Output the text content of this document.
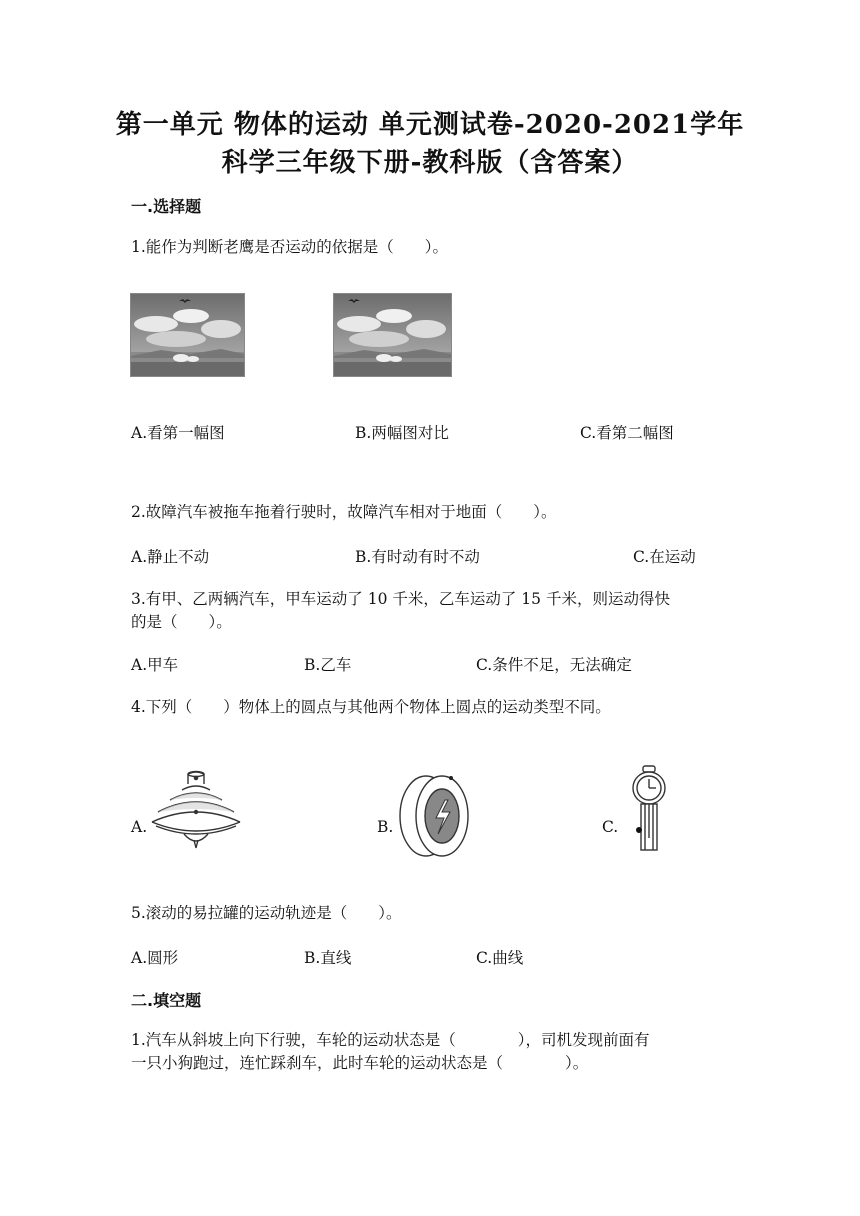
第一单元 物体的运动 单元测试卷-2020-2021学年
科学三年级下册-教科版（含答案）
一.选择题
1.能作为判断老鹰是否运动的依据是（　　）。
A.看第一幅图	B.两幅图对比	C.看第二幅图
2.故障汽车被拖车拖着行驶时，故障汽车相对于地面（　　）。
A.静止不动	B.有时动有时不动	C.在运动
3.有甲、乙两辆汽车，甲车运动了 10 千米，乙车运动了 15 千米，则运动得快
的是（　　）。
A.甲车	B.乙车	C.条件不足，无法确定
4.下列（　　）物体上的圆点与其他两个物体上圆点的运动类型不同。
A.	B.	C.
5.滚动的易拉罐的运动轨迹是（　　）。
A.圆形	B.直线	C.曲线
二.填空题
1.汽车从斜坡上向下行驶，车轮的运动状态是（　　　　），司机发现前面有
一只小狗跑过，连忙踩刹车，此时车轮的运动状态是（　　　　）。
